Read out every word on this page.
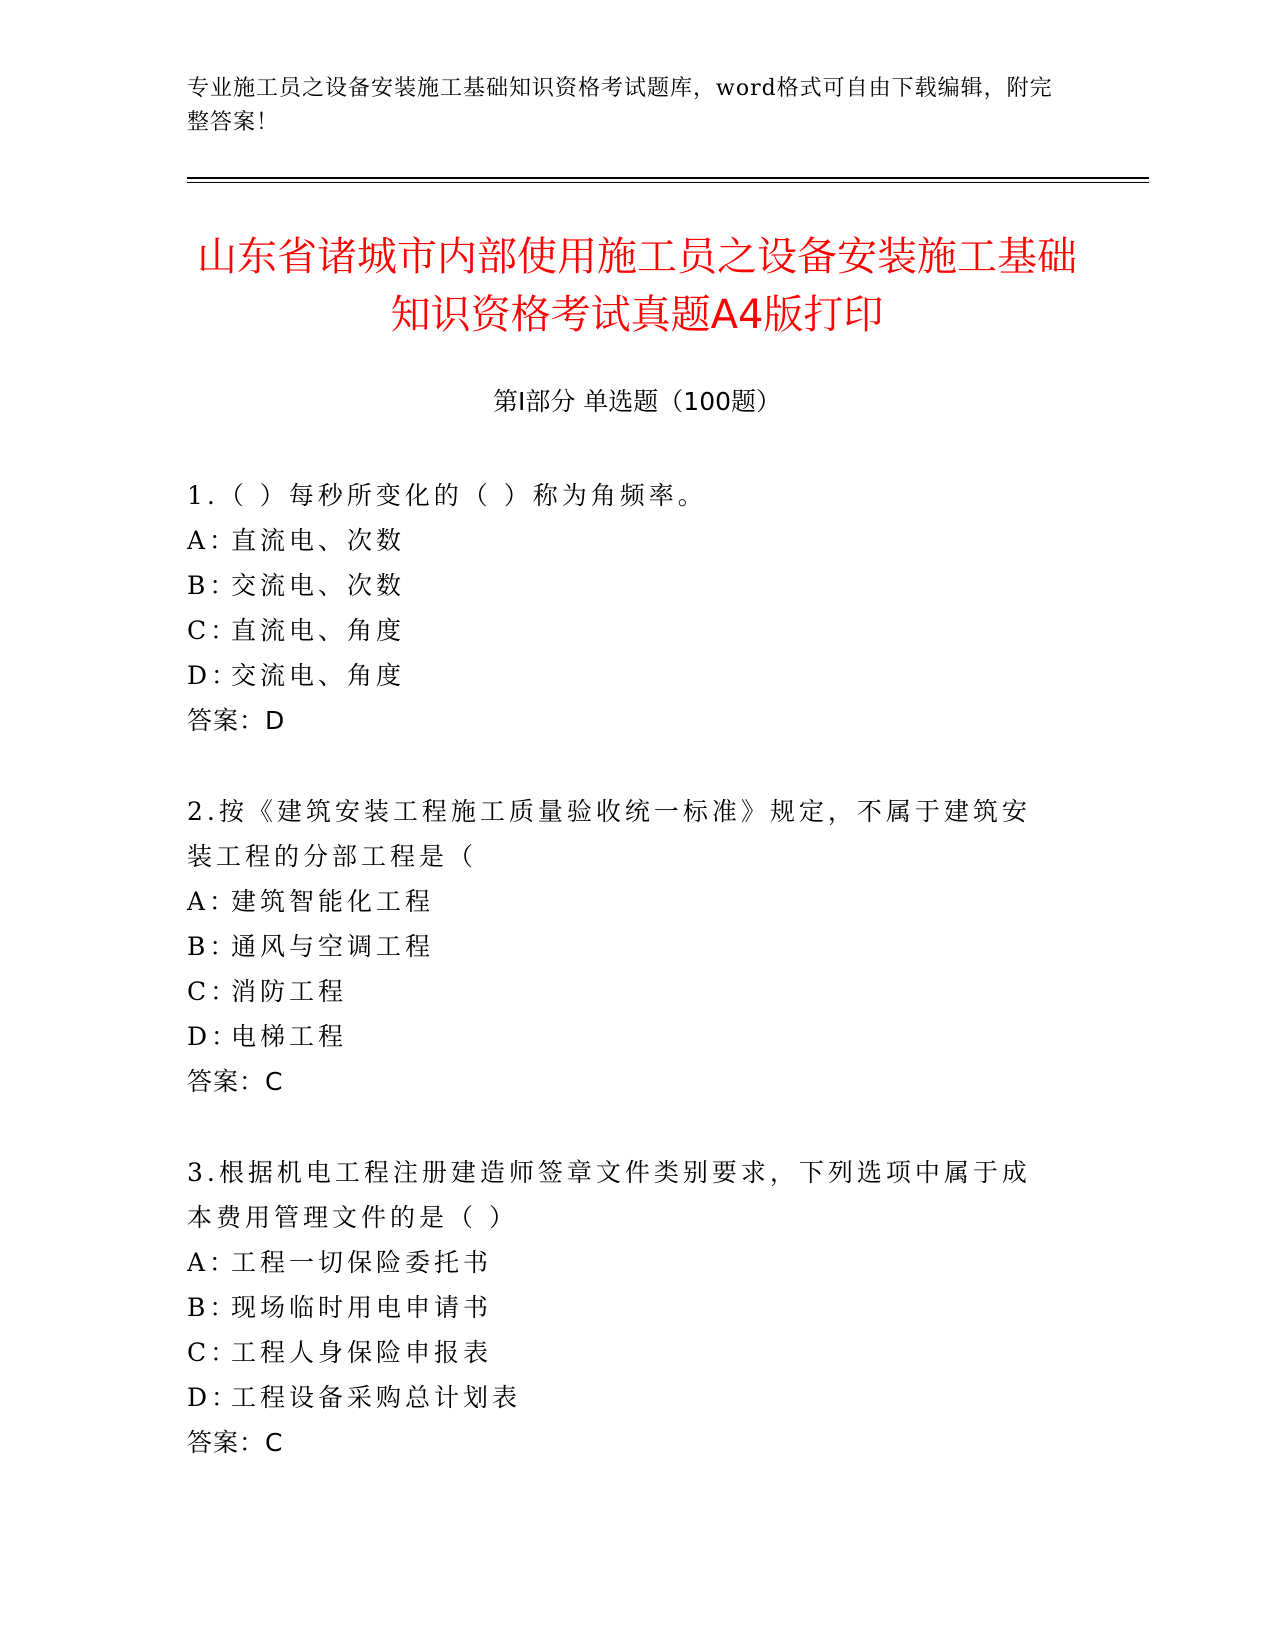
专业施工员之设备安装施工基础知识资格考试题库，word格式可自由下载编辑，附完整答案！
山东省诸城市内部使用施工员之设备安装施工基础知识资格考试真题A4版打印
第Ⅰ部分 单选题（100题）
1.（ ）每秒所变化的（ ）称为角频率。
A：直流电、次数
B：交流电、次数
C：直流电、角度
D：交流电、角度
答案：D
2.按《建筑安装工程施工质量验收统一标准》规定，不属于建筑安装工程的分部工程是（
A：建筑智能化工程
B：通风与空调工程
C：消防工程
D：电梯工程
答案：C
3.根据机电工程注册建造师签章文件类别要求，下列选项中属于成本费用管理文件的是（ ）
A：工程一切保险委托书
B：现场临时用电申请书
C：工程人身保险申报表
D：工程设备采购总计划表
答案：C
